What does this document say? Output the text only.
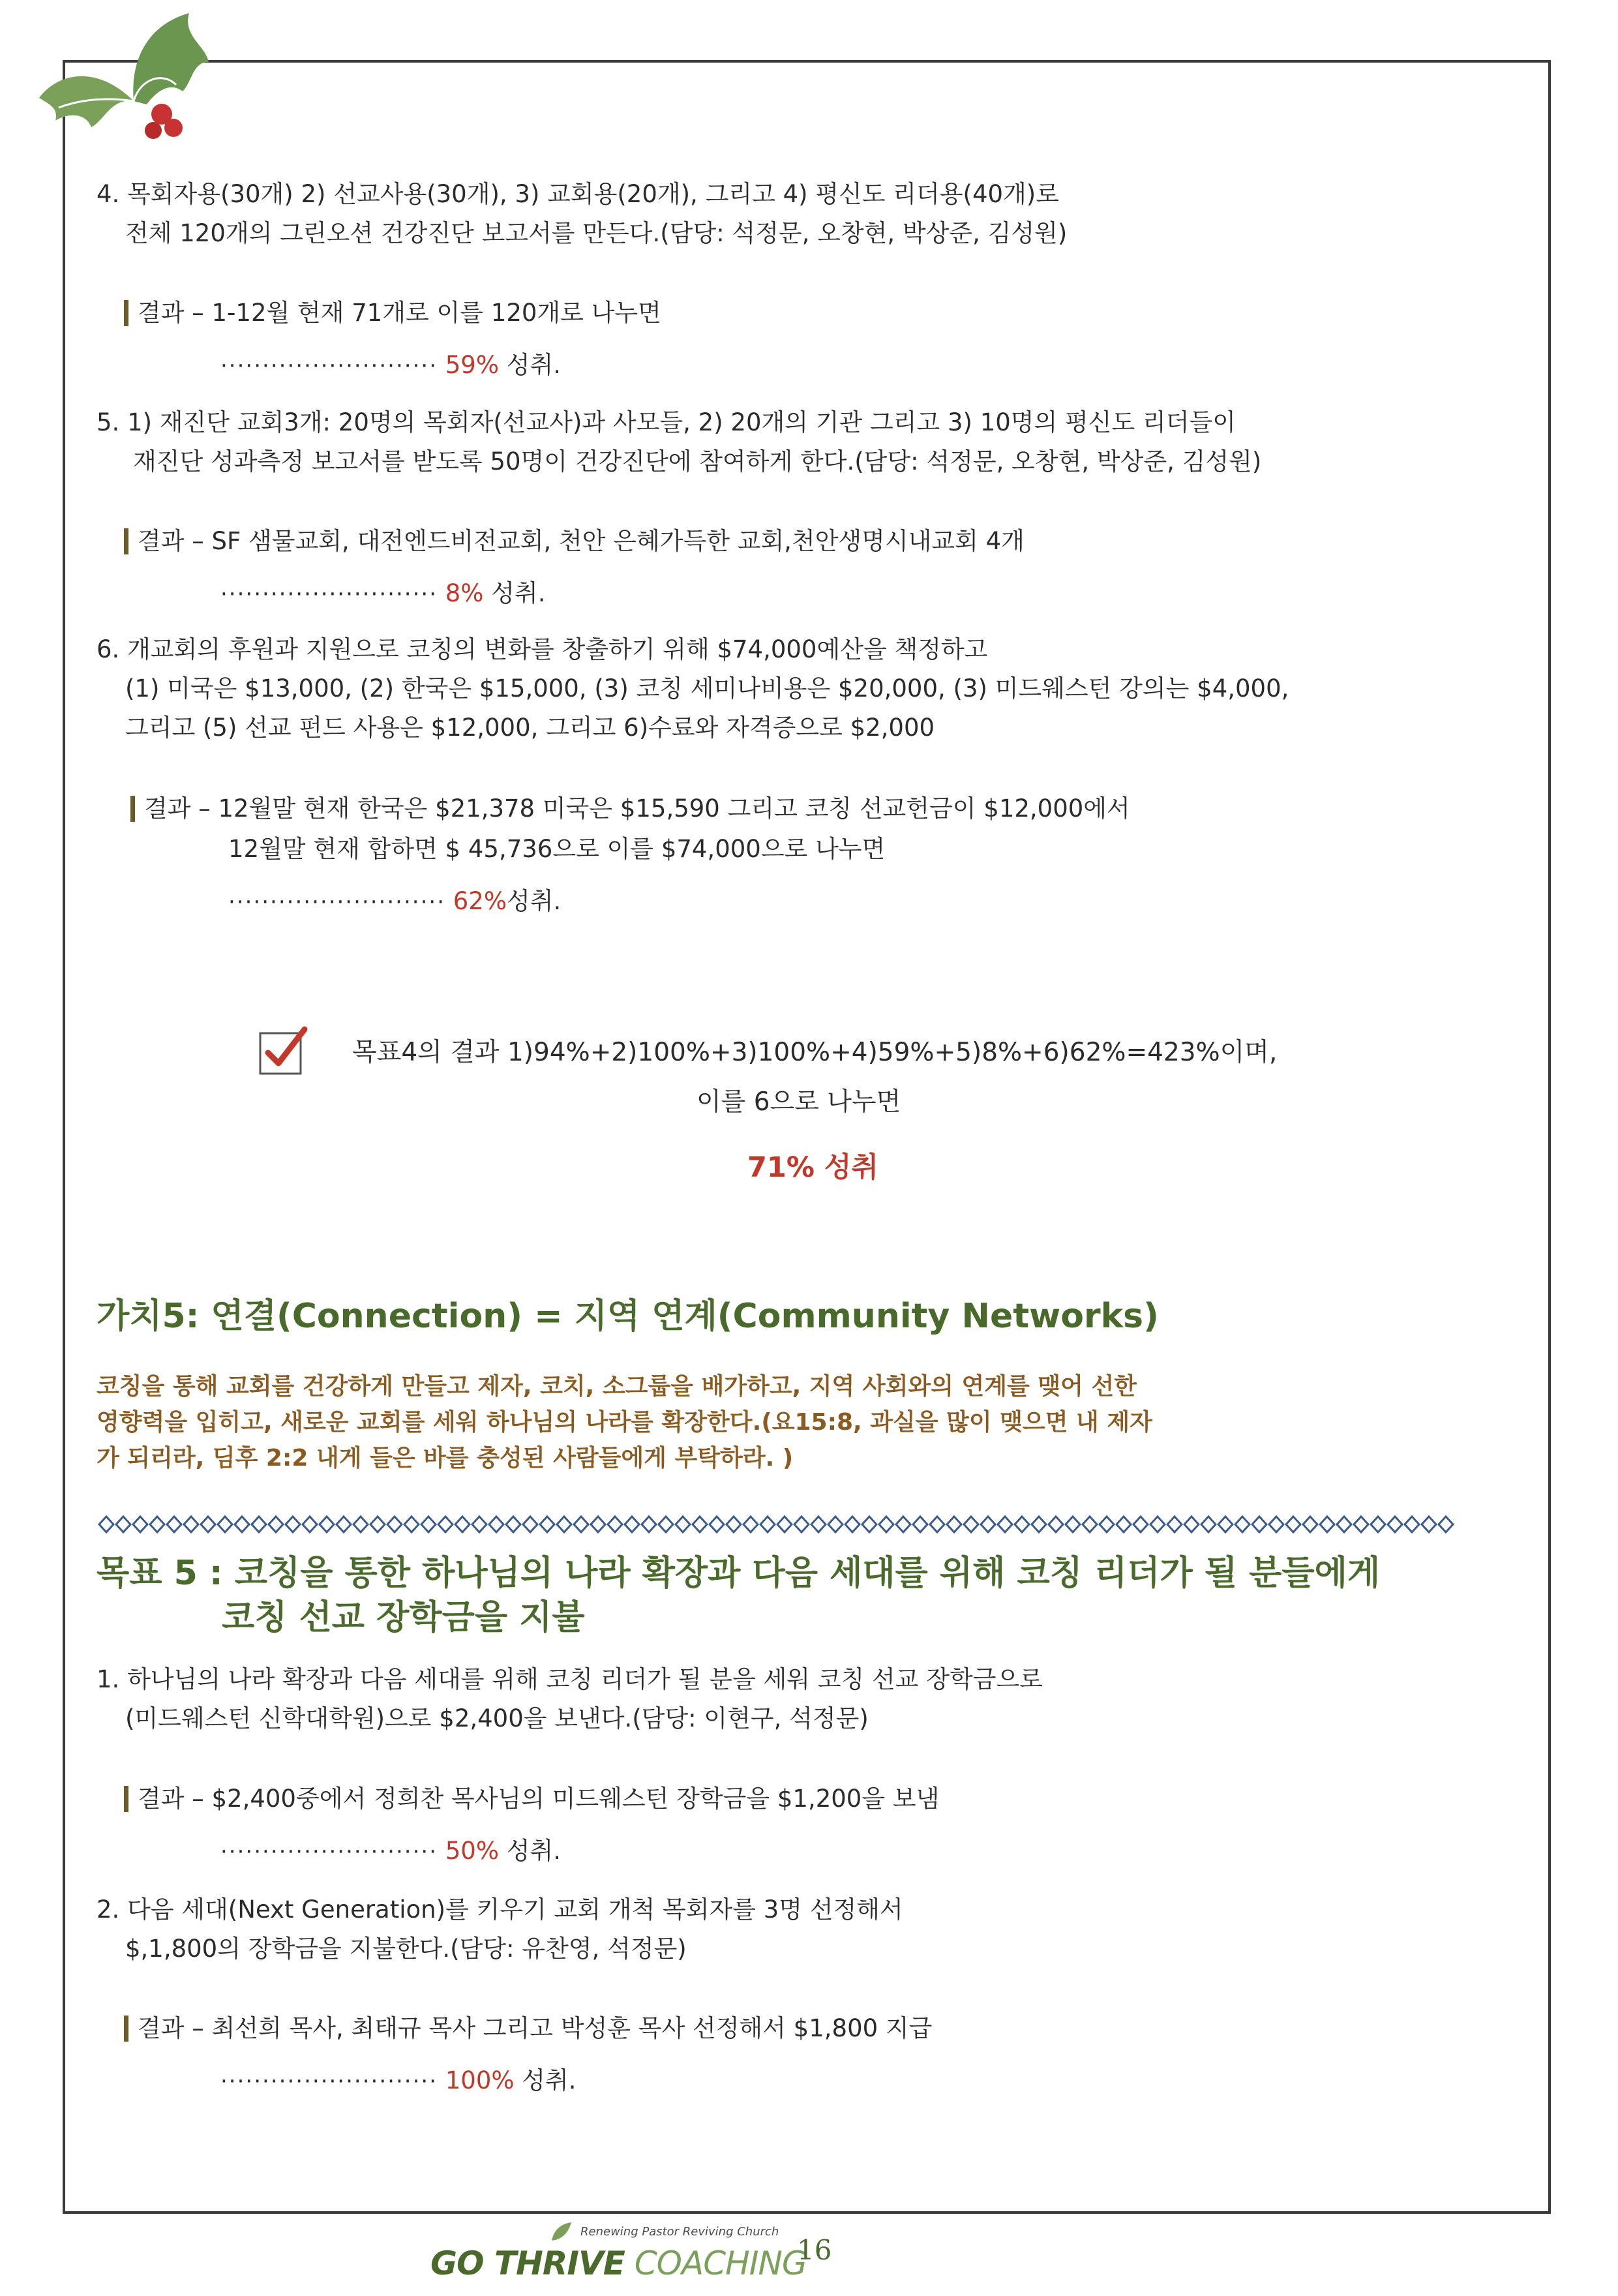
4. 목회자용(30개) 2) 선교사용(30개), 3) 교회용(20개), 그리고 4) 평신도 리더용(40개)로
전체 120개의 그린오션 건강진단 보고서를 만든다.(담당: 석정문, 오창현, 박상준, 김성원)
결과 – 1-12월 현재 71개로 이를 120개로 나누면
·························· 59% 성취.
5. 1) 재진단 교회3개: 20명의 목회자(선교사)과 사모들, 2) 20개의 기관 그리고 3) 10명의 평신도 리더들이
재진단 성과측정 보고서를 받도록 50명이 건강진단에 참여하게 한다.(담당: 석정문, 오창현, 박상준, 김성원)
결과 – SF 샘물교회, 대전엔드비전교회, 천안 은혜가득한 교회,천안생명시내교회 4개
·························· 8% 성취.
6. 개교회의 후원과 지원으로 코칭의 변화를 창출하기 위해 $74,000예산을 책정하고
(1) 미국은 $13,000, (2) 한국은 $15,000, (3) 코칭 세미나비용은 $20,000, (3) 미드웨스턴 강의는 $4,000,
그리고 (5) 선교 펀드 사용은 $12,000, 그리고 6)수료와 자격증으로 $2,000
결과 – 12월말 현재 한국은 $21,378 미국은 $15,590 그리고 코칭 선교헌금이 $12,000에서
12월말 현재 합하면 $ 45,736으로 이를 $74,000으로 나누면
·························· 62%성취.
목표4의 결과 1)94%+2)100%+3)100%+4)59%+5)8%+6)62%=423%이며,
이를 6으로 나누면
71% 성취
가치5: 연결(Connection) = 지역 연계(Community Networks)
코칭을 통해 교회를 건강하게 만들고 제자, 코치, 소그룹을 배가하고, 지역 사회와의 연계를 맺어 선한
영향력을 입히고, 새로운 교회를 세워 하나님의 나라를 확장한다.(요15:8, 과실을 많이 맺으면 내 제자
가 되리라, 딤후 2:2 내게 들은 바를 충성된 사람들에게 부탁하라. )
목표 5 : 코칭을 통한 하나님의 나라 확장과 다음 세대를 위해 코칭 리더가 될 분들에게
코칭 선교 장학금을 지불
1. 하나님의 나라 확장과 다음 세대를 위해 코칭 리더가 될 분을 세워 코칭 선교 장학금으로
(미드웨스턴 신학대학원)으로 $2,400을 보낸다.(담당: 이현구, 석정문)
결과 – $2,400중에서 정희찬 목사님의 미드웨스턴 장학금을 $1,200을 보냄
·························· 50% 성취.
2. 다음 세대(Next Generation)를 키우기 교회 개척 목회자를 3명 선정해서
$,1,800의 장학금을 지불한다.(담당: 유찬영, 석정문)
결과 – 최선희 목사, 최태규 목사 그리고 박성훈 목사 선정해서 $1,800 지급
·························· 100% 성취.
Renewing Pastor Reviving Church
GO THRIVE COACHING
16
